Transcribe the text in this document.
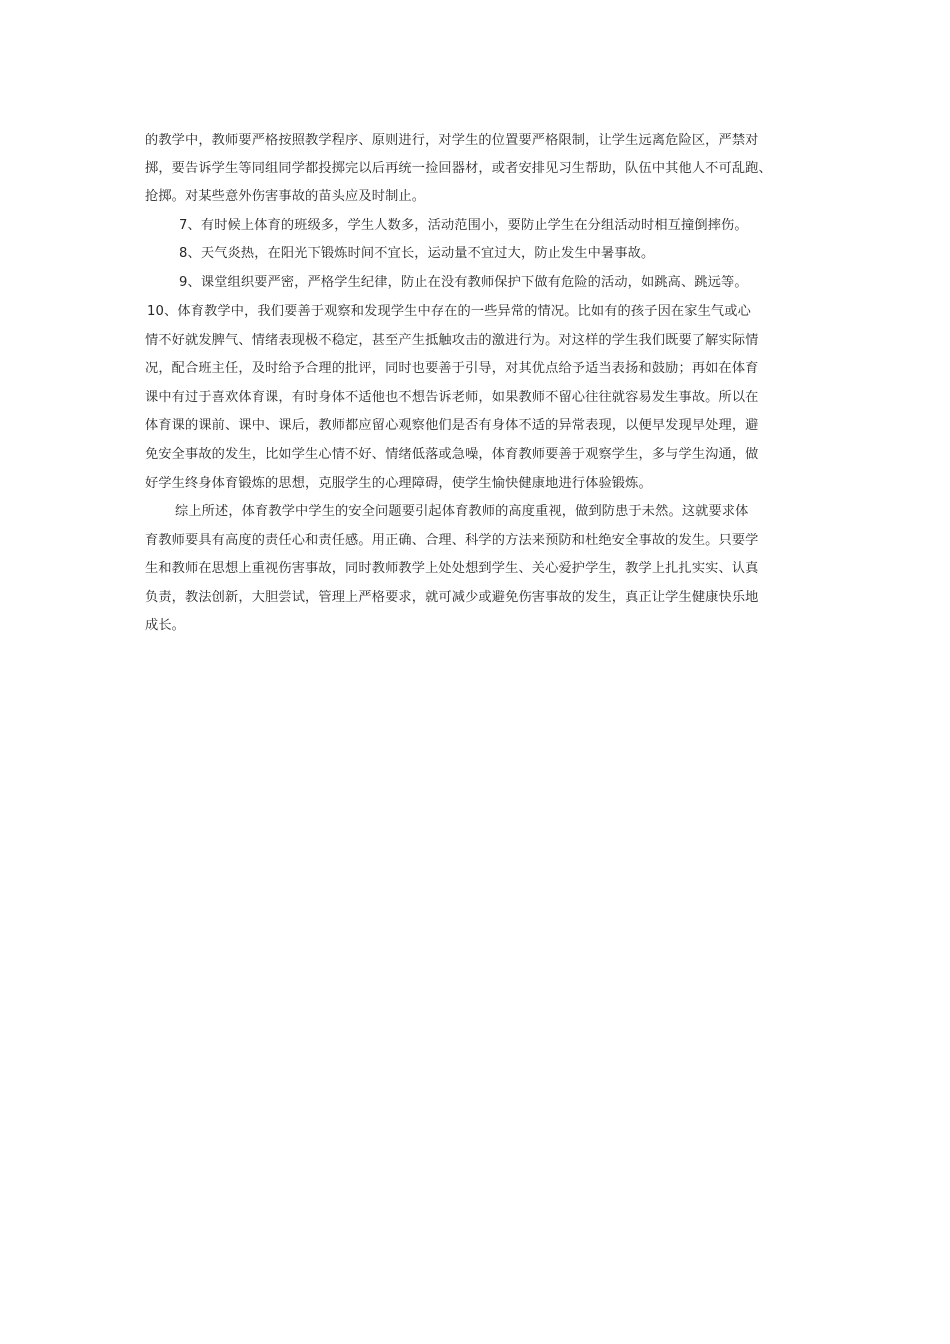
的教学中，教师要严格按照教学程序、原则进行，对学生的位置要严格限制，让学生远离危险区，严禁对
掷，要告诉学生等同组同学都投掷完以后再统一捡回器材，或者安排见习生帮助，队伍中其他人不可乱跑、
抢掷。对某些意外伤害事故的苗头应及时制止。
7、有时候上体育的班级多，学生人数多，活动范围小，要防止学生在分组活动时相互撞倒摔伤。
8、天气炎热，在阳光下锻炼时间不宜长，运动量不宜过大，防止发生中暑事故。
9、课堂组织要严密，严格学生纪律，防止在没有教师保护下做有危险的活动，如跳高、跳远等。
10、体育教学中，我们要善于观察和发现学生中存在的一些异常的情况。比如有的孩子因在家生气或心
情不好就发脾气、情绪表现极不稳定，甚至产生抵触攻击的激进行为。对这样的学生我们既要了解实际情
况，配合班主任，及时给予合理的批评，同时也要善于引导，对其优点给予适当表扬和鼓励；再如在体育
课中有过于喜欢体育课，有时身体不适他也不想告诉老师，如果教师不留心往往就容易发生事故。所以在
体育课的课前、课中、课后，教师都应留心观察他们是否有身体不适的异常表现，以便早发现早处理，避
免安全事故的发生，比如学生心情不好、情绪低落或急噪，体育教师要善于观察学生，多与学生沟通，做
好学生终身体育锻炼的思想，克服学生的心理障碍，使学生愉快健康地进行体验锻炼。
综上所述，体育教学中学生的安全问题要引起体育教师的高度重视，做到防患于未然。这就要求体
育教师要具有高度的责任心和责任感。用正确、合理、科学的方法来预防和杜绝安全事故的发生。只要学
生和教师在思想上重视伤害事故，同时教师教学上处处想到学生、关心爱护学生，教学上扎扎实实、认真
负责，教法创新，大胆尝试，管理上严格要求，就可减少或避免伤害事故的发生，真正让学生健康快乐地
成长。
